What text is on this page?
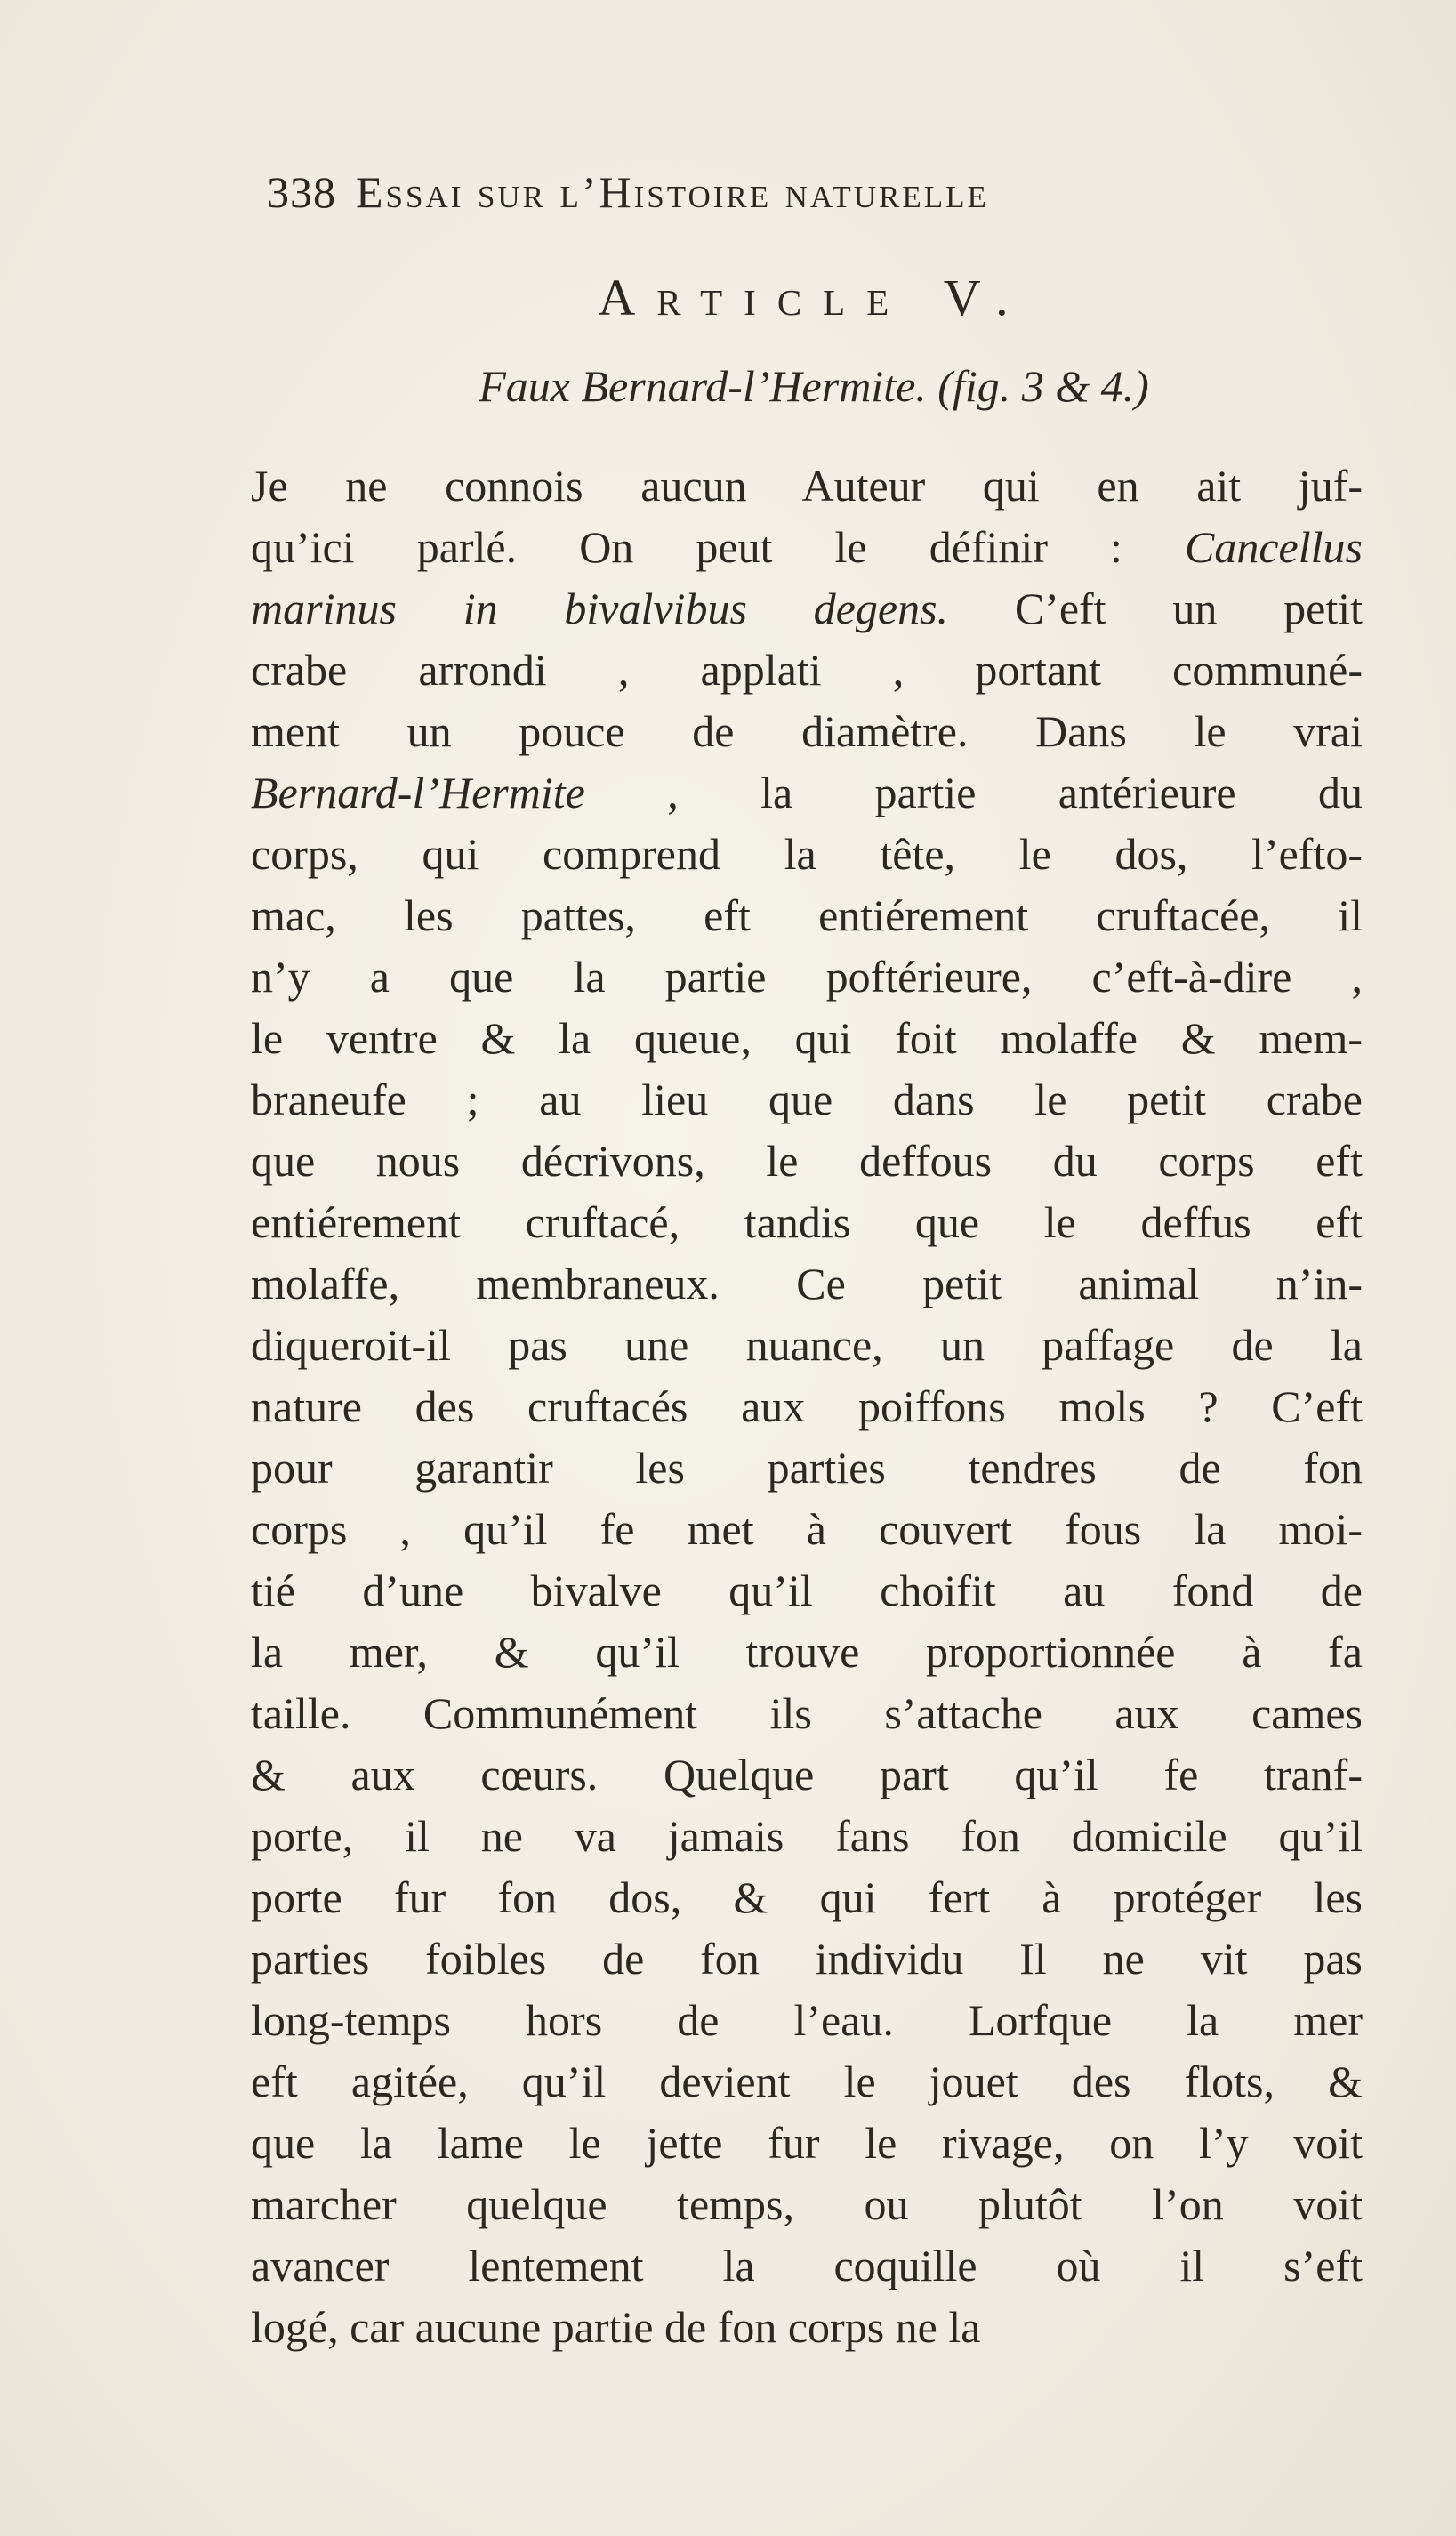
338 Essai sur l’Histoire naturelle
Article V.
Faux Bernard-l’Hermite. (fig. 3 & 4.)
Je ne connois aucun Auteur qui en ait juf-
qu’ici parlé. On peut le définir : Cancellus
marinus in bivalvibus degens. C’eft un petit
crabe arrondi , applati , portant communé-
ment un pouce de diamètre. Dans le vrai
Bernard-l’Hermite , la partie antérieure du
corps, qui comprend la tête, le dos, l’efto-
mac, les pattes, eft entiérement cruftacée, il
n’y a que la partie poftérieure, c’eft-à-dire ,
le ventre & la queue, qui foit molaffe & mem-
braneufe ; au lieu que dans le petit crabe
que nous décrivons, le deffous du corps eft
entiérement cruftacé, tandis que le deffus eft
molaffe, membraneux. Ce petit animal n’in-
diqueroit-il pas une nuance, un paffage de la
nature des cruftacés aux poiffons mols ? C’eft
pour garantir les parties tendres de fon
corps , qu’il fe met à couvert fous la moi-
tié d’une bivalve qu’il choifit au fond de
la mer, & qu’il trouve proportionnée à fa
taille. Communément ils s’attache aux cames
& aux cœurs. Quelque part qu’il fe tranf-
porte, il ne va jamais fans fon domicile qu’il
porte fur fon dos, & qui fert à protéger les
parties foibles de fon individu Il ne vit pas
long-temps hors de l’eau. Lorfque la mer
eft agitée, qu’il devient le jouet des flots, &
que la lame le jette fur le rivage, on l’y voit
marcher quelque temps, ou plutôt l’on voit
avancer lentement la coquille où il s’eft
logé, car aucune partie de fon corps ne la
